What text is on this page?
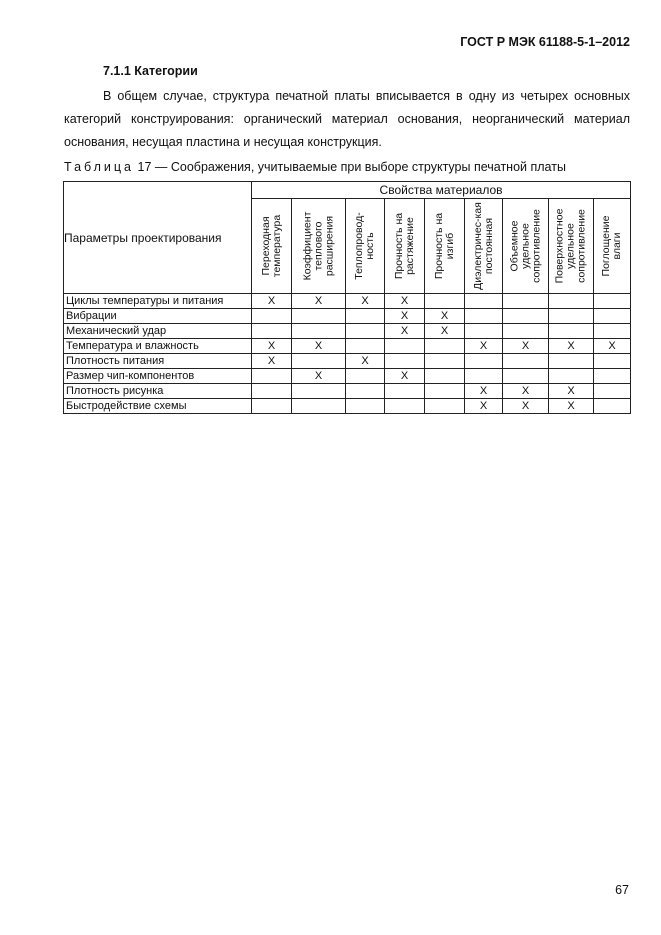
ГОСТ Р МЭК 61188-5-1–2012
7.1.1 Категории
В общем случае, структура печатной платы вписывается в одну из четырех основных категорий конструирования: органический материал основания, неорганический материал основания, несущая пластина и несущая конструкция.
Таблица 17 — Соображения, учитываемые при выборе структуры печатной платы
Параметры проектирования	Свойства материалов								

	Переходная температура	Коэффициент теплового расширения	Теплопровод-ность	Прочность на растяжение	Прочность на изгиб	Диэлектричес-кая постоянная	Объемное удельное сопротивление	Поверхностное удельное сопротивление	Поглощение влаги

Циклы температуры и питания	X	X	X	X					
Вибрации				X	X				
Механический удар				X	X				
Температура и влажность	X	X				X	X	X	X
Плотность питания	X		X						
Размер чип-компонентов		X		X					
Плотность рисунка						X	X	X	
Быстродействие схемы						X	X	X	
67
